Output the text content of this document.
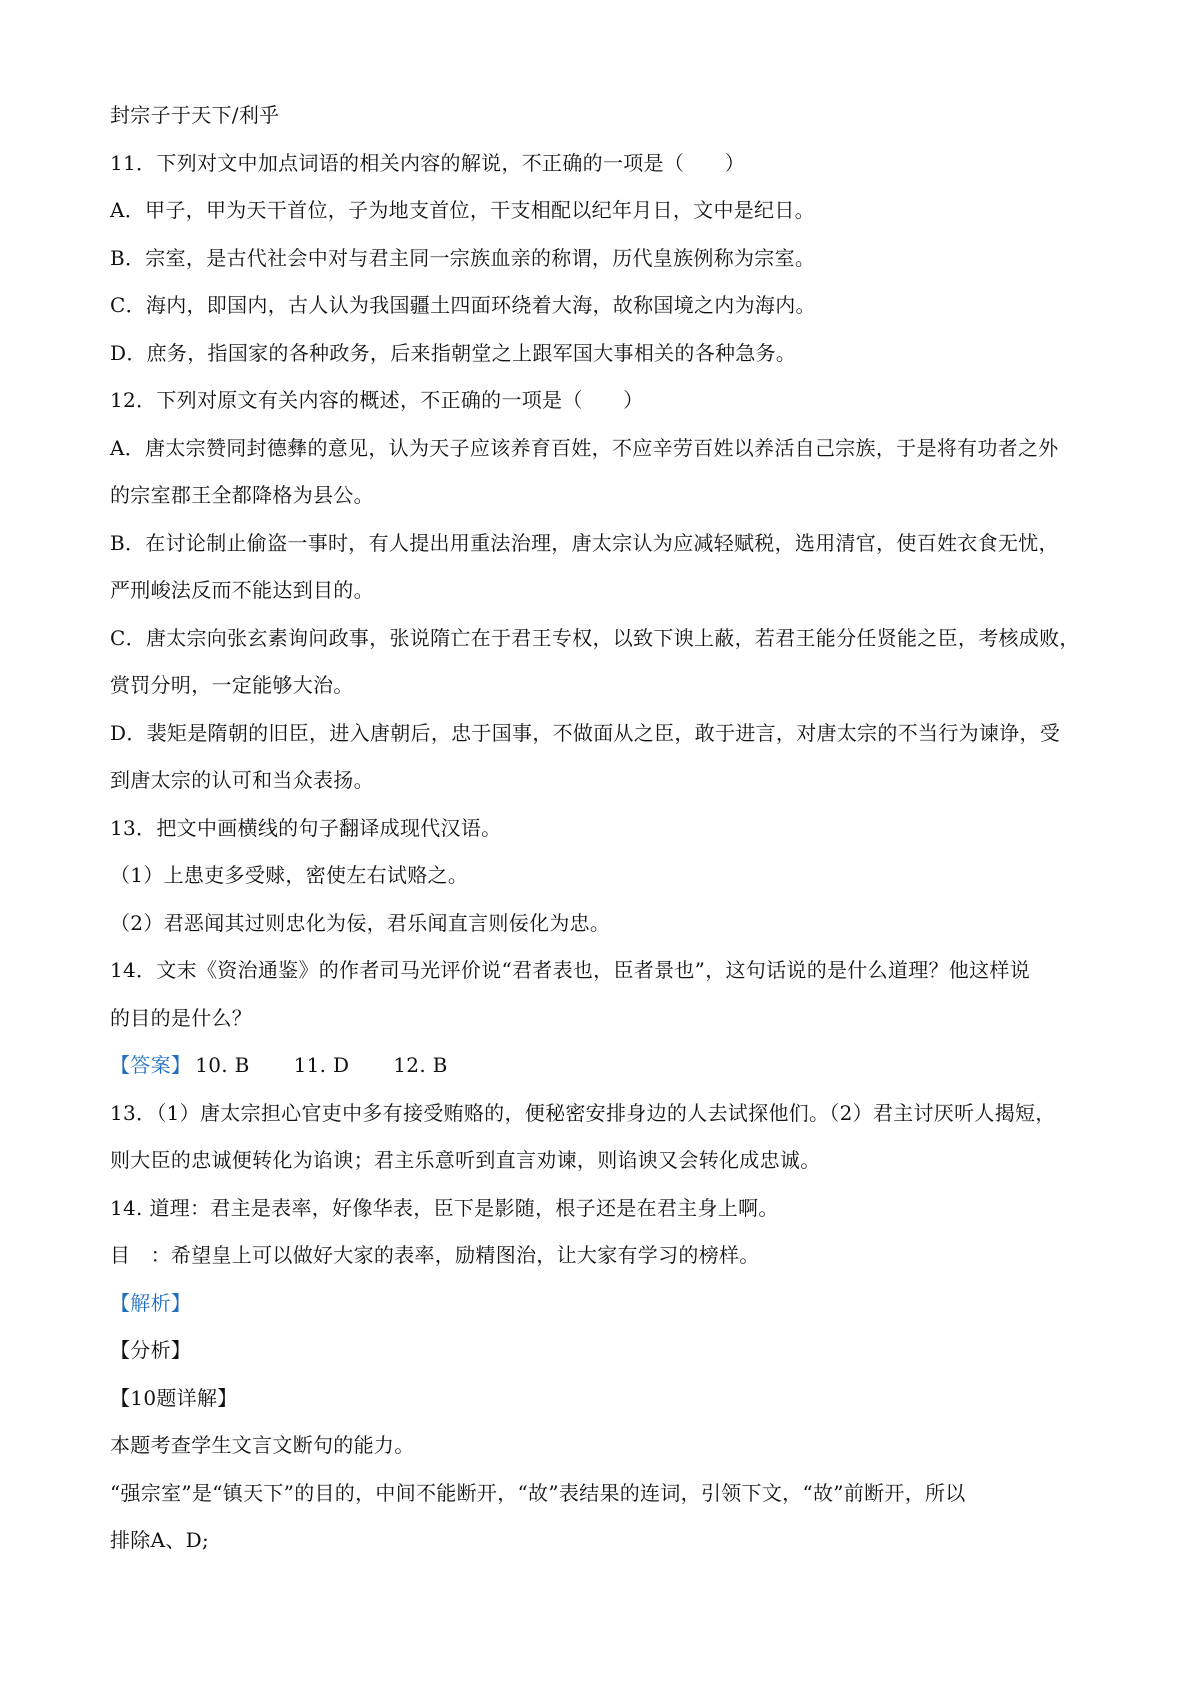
封宗子于天下/利乎
11．下列对文中加点词语的相关内容的解说，不正确的一项是（　　）
A．甲子，甲为天干首位，子为地支首位，干支相配以纪年月日，文中是纪日。
B．宗室，是古代社会中对与君主同一宗族血亲的称谓，历代皇族例称为宗室。
C．海内，即国内，古人认为我国疆土四面环绕着大海，故称国境之内为海内。
D．庶务，指国家的各种政务，后来指朝堂之上跟军国大事相关的各种急务。
12．下列对原文有关内容的概述，不正确的一项是（　　）
A．唐太宗赞同封德彝的意见，认为天子应该养育百姓，不应辛劳百姓以养活自己宗族，于是将有功者之外
的宗室郡王全都降格为县公。
B．在讨论制止偷盗一事时，有人提出用重法治理，唐太宗认为应减轻赋税，选用清官，使百姓衣食无忧，
严刑峻法反而不能达到目的。
C．唐太宗向张玄素询问政事，张说隋亡在于君王专权，以致下谀上蔽，若君王能分任贤能之臣，考核成败，
赏罚分明，一定能够大治。
D．裴矩是隋朝的旧臣，进入唐朝后，忠于国事，不做面从之臣，敢于进言，对唐太宗的不当行为谏诤，受
到唐太宗的认可和当众表扬。
13．把文中画横线的句子翻译成现代汉语。
（1）上患吏多受赇，密使左右试赂之。
（2）君恶闻其过则忠化为佞，君乐闻直言则佞化为忠。
14．文末《资治通鉴》的作者司马光评价说“君者表也，臣者景也”，这句话说的是什么道理？他这样说
的目的是什么？
【答案】 10. B 11. D 12. B
13．（1）唐太宗担心官吏中多有接受贿赂的，便秘密安排身边的人去试探他们。（2）君主讨厌听人揭短，
则大臣的忠诚便转化为谄谀；君主乐意听到直言劝谏，则谄谀又会转化成忠诚。
14. 道理：君主是表率，好像华表，臣下是影随，根子还是在君主身上啊。
目　：希望皇上可以做好大家的表率，励精图治，让大家有学习的榜样。
【解析】
【分析】
【10题详解】
本题考查学生文言文断句的能力。
“强宗室”是“镇天下”的目的，中间不能断开，“故”表结果的连词，引领下文，“故”前断开，所以
排除A、D;
